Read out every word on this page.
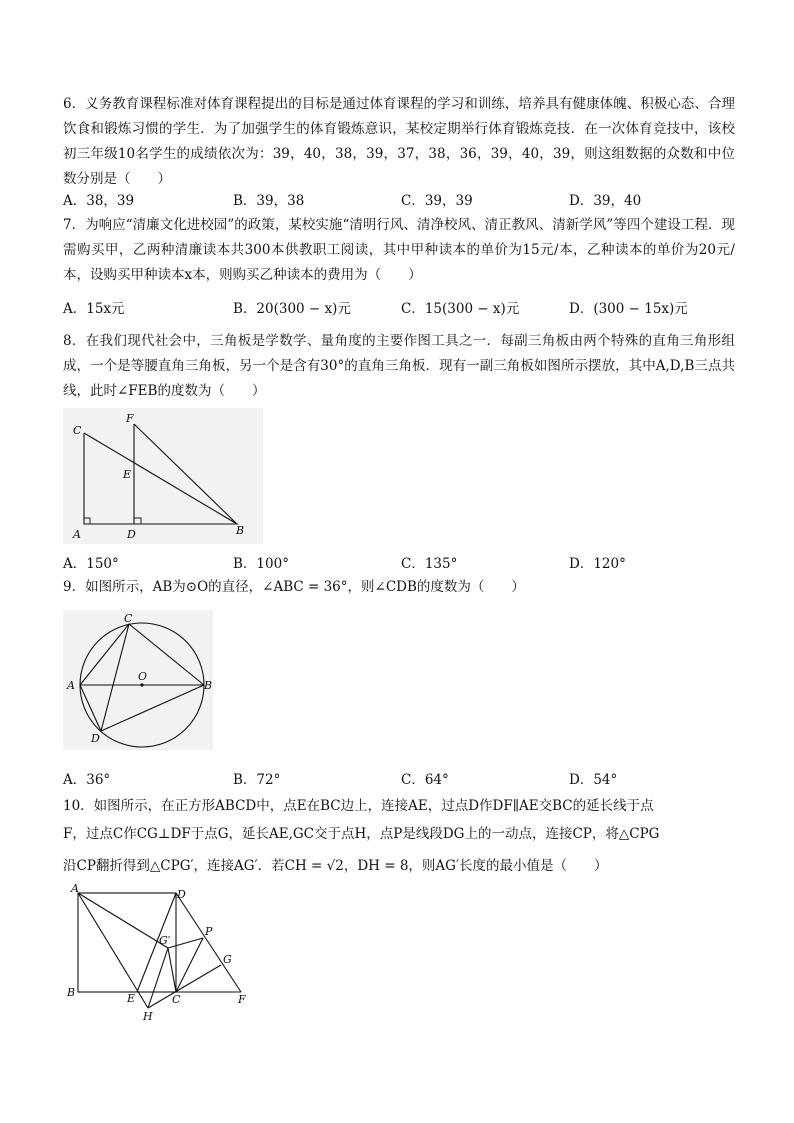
6．义务教育课程标准对体育课程提出的目标是通过体育课程的学习和训练，培养具有健康体魄、积极心态、合理饮食和锻炼习惯的学生．为了加强学生的体育锻炼意识，某校定期举行体育锻炼竞技．在一次体育竞技中，该校初三年级10名学生的成绩依次为：39，40，38，39，37，38，36，39，40，39，则这组数据的众数和中位数分别是（　　）

A．38，39	B．39，38	C．39，39	D．39，40

7．为响应“清廉文化进校园”的政策，某校实施“清明行风、清净校风、清正教风、清新学风”等四个建设工程．现需购买甲，乙两种清廉读本共300本供教职工阅读，其中甲种读本的单价为15元/本，乙种读本的单价为20元/本，设购买甲种读本x本，则购买乙种读本的费用为（　　）

A．15x元	B．20(300 − x)元	C．15(300 − x)元	D．(300 − 15x)元

8．在我们现代社会中，三角板是学数学、量角度的主要作图工具之一．每副三角板由两个特殊的直角三角形组成，一个是等腰直角三角板，另一个是含有30°的直角三角板．现有一副三角板如图所示摆放，其中A,D,B三点共线，此时∠FEB的度数为（　　）

C
F
E
A	D	B
A．150°	B．100°	C．135°	D．120°

9．如图所示，AB为⊙O的直径，∠ABC = 36°，则∠CDB的度数为（　　）

C
A
O
B
D
A．36°	B．72°	C．64°	D．54°

10．如图所示，在正方形ABCD中，点E在BC边上，连接AE，过点D作DF∥AE交BC的延长线于点

F，过点C作CG⊥DF于点G，延长AE,GC交于点H，点P是线段DG上的一动点，连接CP，将△CPG

沿CP翻折得到△CPG′，连接AG′．若CH = √2，DH = 8，则AG′长度的最小值是（　　）

A	D
P
G′
G
B	E	C	F
H
